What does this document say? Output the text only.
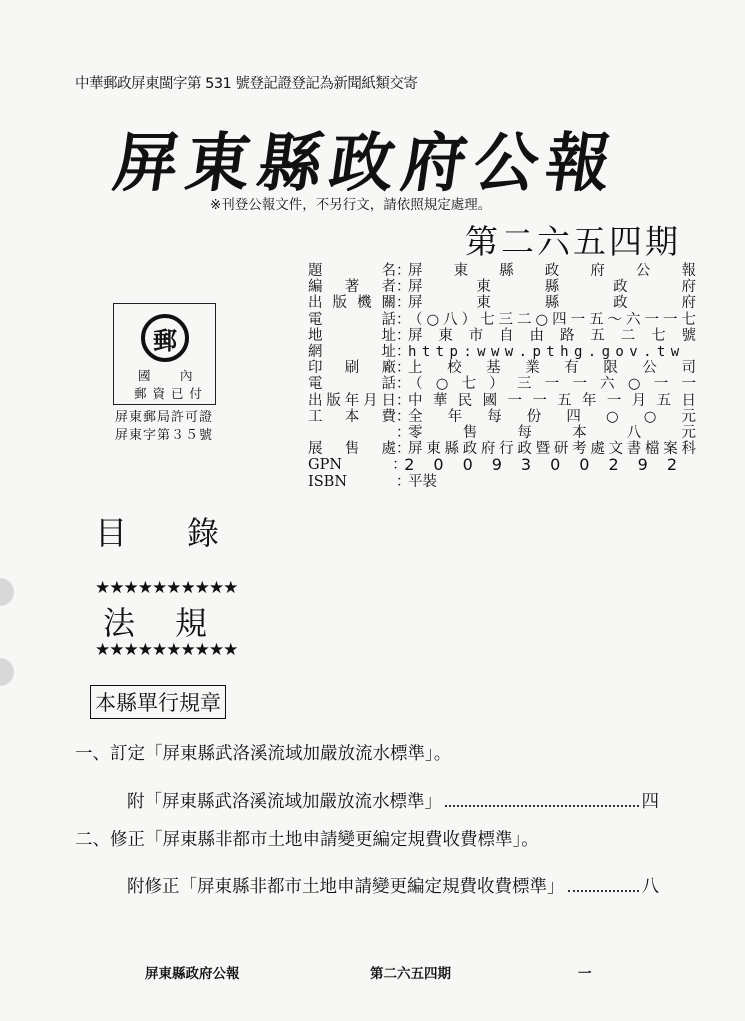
中華郵政屏東閩字第 531 號登記證登記為新聞紙類交寄
屏東縣政府公報
※刊登公報文件，不另行文，請依照規定處理。
第二六五四期
題名 ：
屏東縣政府公報
編著者 ：
屏東縣政府
出版機關 ：
屏東縣政府
電話 ：
（○八）七三二○四一五～六一一七
地址 ：
屏東市自由路五二七號
網址 ：
http:www.pthg.gov.tw
印刷廠 ：
上校基業有限公司
電話 ：
（○七）三一一六○一一
出版年月日 ：
中華民國一一五年一月五日
工本費 ：
全年每份四○○元
：
零售每本八元
展售處 ：
屏東縣政府行政暨研考處文書檔案科
GPN	：
2009300292
ISBN	：
平裝
郵
國 內
郵 資 已 付
屏東郵局許可證
屏東字第３５號
目錄
★★★★★★★★★★
法規
★★★★★★★★★★
本縣單行規章
一、訂定「屏東縣武洛溪流域加嚴放流水標準」。
附「屏東縣武洛溪流域加嚴放流水標準」	四
二、修正「屏東縣非都市土地申請變更編定規費收費標準」。
附修正「屏東縣非都市土地申請變更編定規費收費標準」	八
屏東縣政府公報	第二六五四期	一
